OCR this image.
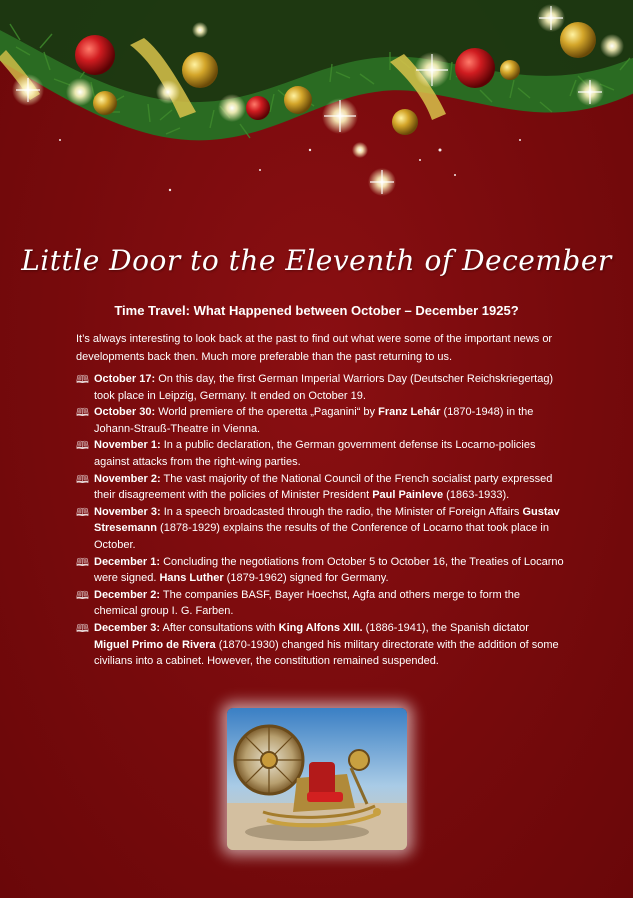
Little Door to the Eleventh of December
Time Travel: What Happened between October – December 1925?
It’s always interesting to look back at the past to find out what were some of the important news or developments back then. Much more preferable than the past returning to us.
🕮 October 17: On this day, the first German Imperial Warriors Day (Deutscher Reichskriegertag) took place in Leipzig, Germany. It ended on October 19.
🕮 October 30: World premiere of the operetta „Paganini“ by Franz Lehár (1870-1948) in the Johann-Strauß-Theatre in Vienna.
🕮 November 1: In a public declaration, the German government defense its Locarno-policies against attacks from the right-wing parties.
🕮 November 2: The vast majority of the National Council of the French socialist party expressed their disagreement with the policies of Minister President Paul Painleve (1863-1933).
🕮 November 3: In a speech broadcasted through the radio, the Minister of Foreign Affairs Gustav Stresemann (1878-1929) explains the results of the Conference of Locarno that took place in October.
🕮 December 1: Concluding the negotiations from October 5 to October 16, the Treaties of Locarno were signed. Hans Luther (1879-1962) signed for Germany.
🕮 December 2: The companies BASF, Bayer Hoechst, Agfa and others merge to form the chemical group I. G. Farben.
🕮 December 3: After consultations with King Alfons XIII. (1886-1941), the Spanish dictator Miguel Primo de Rivera (1870-1930) changed his military directorate with the addition of some civilians into a cabinet. However, the constitution remained suspended.
